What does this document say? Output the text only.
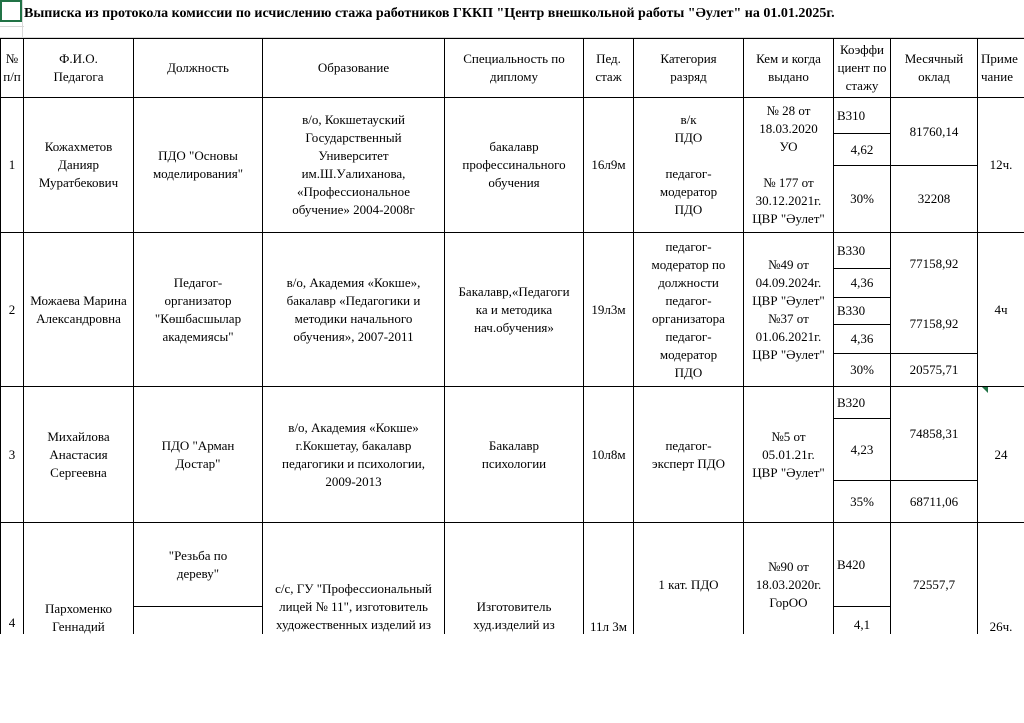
Выписка из протокола комиссии по исчислению стажа работников ГККП "Центр внешкольной работы "Әулет" на 01.01.2025г.
№
п/п
Ф.И.О.
Педагога
Должность	Образование
Специальность по
диплому
Пед.
стаж
Категория
разряд
Кем и когда
выдано
Коэффи
циент по
стажу
Месячный
оклад
Приме
чание
1
Кожахметов
Данияр
Муратбекович
ПДО "Основы
моделирования"
в/о, Кокшетауский
Государственный
Университет
им.Ш.Уалиханова,
«Профессиональное
обучение» 2004-2008г
бакалавр
профессинального
обучения
16л9м
в/к
ПДО

педагог-
модератор
ПДО
№ 28 от
18.03.2020
УО

№ 177 от
30.12.2021г.
ЦВР "Әулет"
B310
4,62
30%
81760,14
32208
12ч.
2
Можаева Марина
Александровна
Педагог-
организатор
"Көшбасшылар
академиясы"
в/о, Академия «Кокше»,
бакалавр «Педагогики и
методики начального
обучения», 2007-2011
Бакалавр,«Педагоги
ка и методика
нач.обучения»
19л3м
педагог-
модератор по
должности
педагог-
организатора
педагог-
модератор
ПДО
№49 от
04.09.2024г.
ЦВР "Әулет"
№37 от
01.06.2021г.
ЦВР "Әулет"
B330
4,36
B330
4,36
30%
77158,92
77158,92
20575,71
4ч
3
Михайлова
Анастасия
Сергеевна
ПДО "Арман
Достар"
в/о, Академия «Кокше»
г.Кокшетау, бакалавр
педагогики и психологии,
2009-2013
Бакалавр
психологии
10л8м
педагог-
эксперт ПДО
№5 от
05.01.21г.
ЦВР "Әулет"
B320
4,23
35%
74858,31
68711,06
24
4
Пархоменко
Геннадий
"Резьба по
дереву"
с/с, ГУ "Профессиональный
лицей № 11", изготовитель
художественных изделий из
Изготовитель
худ.изделий из	11л 3м
1 кат. ПДО
№90 от
18.03.2020г.
ГорОО
B420
4,1
72557,7
26ч.
